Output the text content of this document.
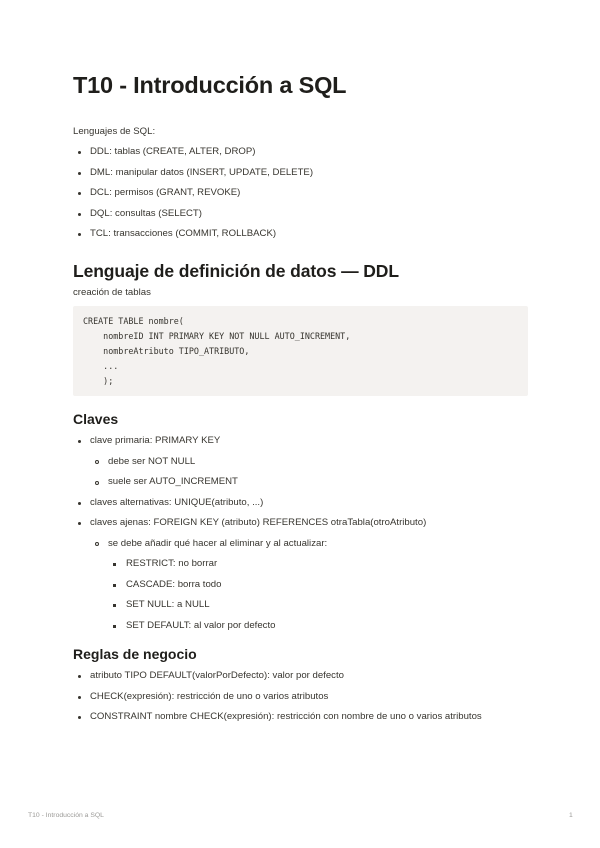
T10 - Introducción a SQL
Lenguajes de SQL:
DDL: tablas (CREATE, ALTER, DROP)
DML: manipular datos (INSERT, UPDATE, DELETE)
DCL: permisos (GRANT, REVOKE)
DQL: consultas (SELECT)
TCL: transacciones (COMMIT, ROLLBACK)
Lenguaje de definición de datos — DDL
creación de tablas
CREATE TABLE nombre(
nombreID INT PRIMARY KEY NOT NULL AUTO_INCREMENT,
nombreAtributo TIPO_ATRIBUTO,
...
);
Claves
clave primaria: PRIMARY KEY
debe ser NOT NULL
suele ser AUTO_INCREMENT
claves alternativas: UNIQUE(atributo, ...)
claves ajenas: FOREIGN KEY (atributo) REFERENCES otraTabla(otroAtributo)
se debe añadir qué hacer al eliminar y al actualizar:
RESTRICT: no borrar
CASCADE: borra todo
SET NULL: a NULL
SET DEFAULT: al valor por defecto
Reglas de negocio
atributo TIPO DEFAULT(valorPorDefecto): valor por defecto
CHECK(expresión): restricción de uno o varios atributos
CONSTRAINT nombre CHECK(expresión): restricción con nombre de uno o varios atributos
T10 - Introducción a SQL	1
